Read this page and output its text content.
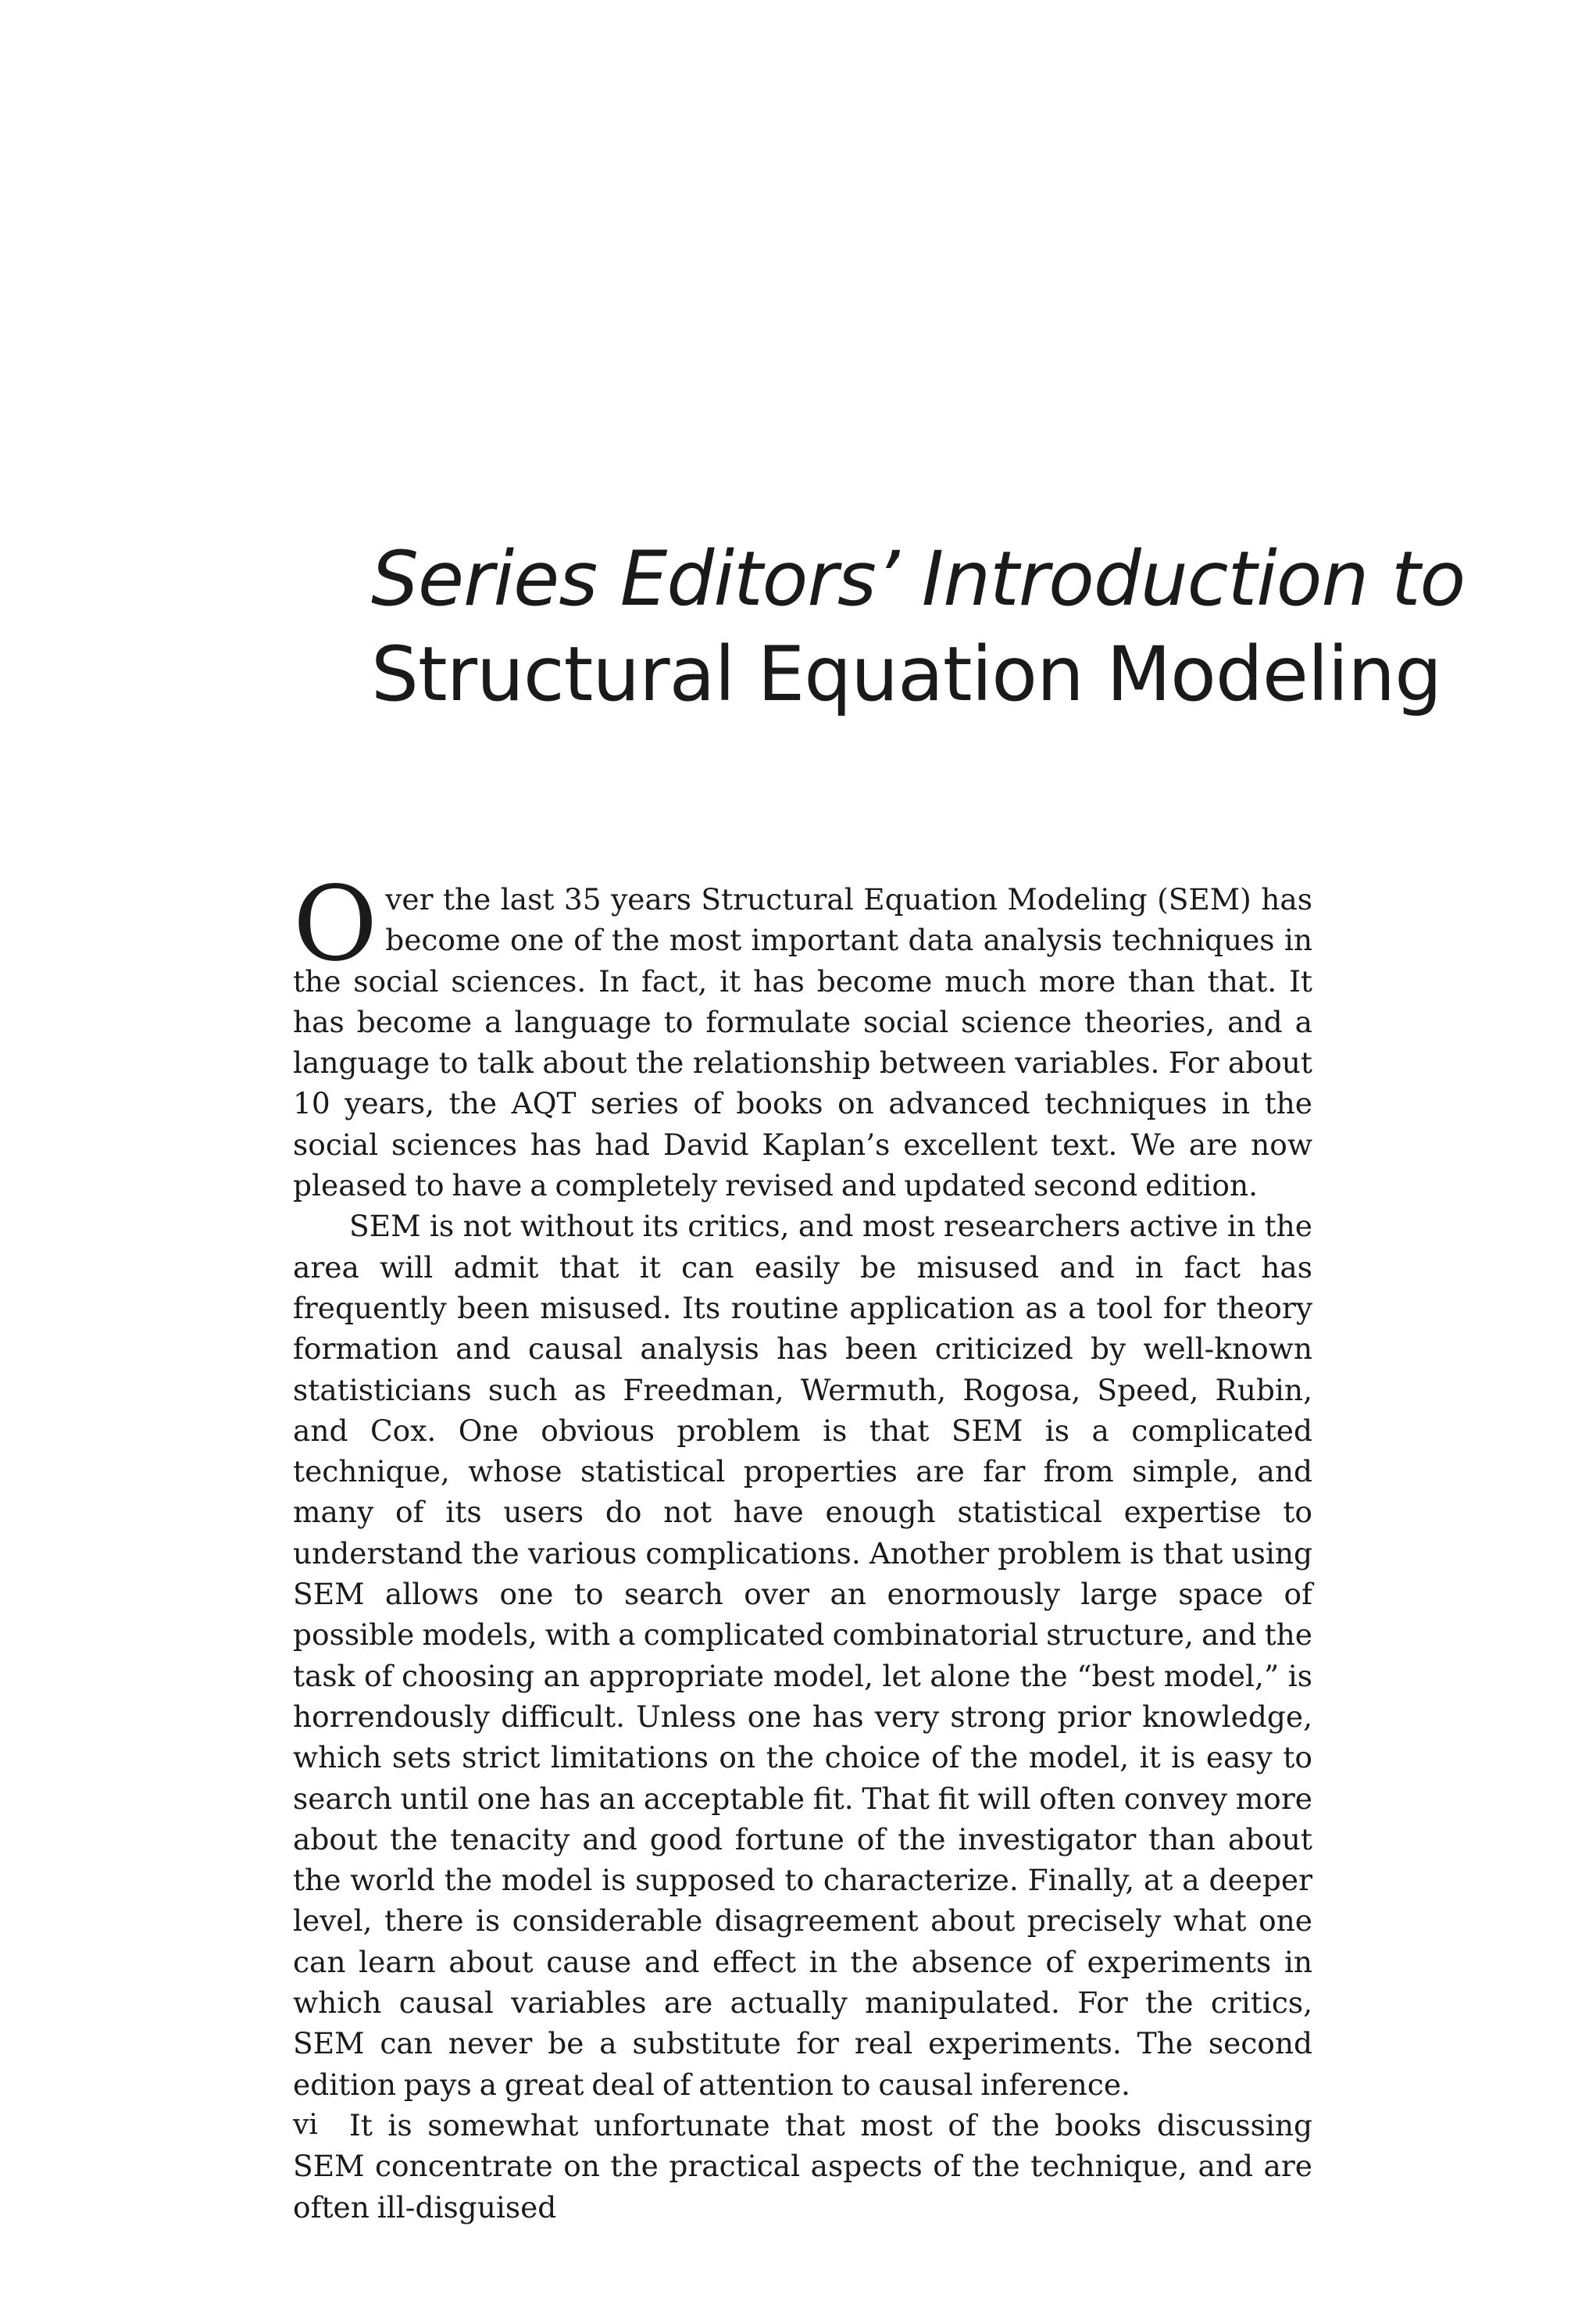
Series Editors’ Introduction to
Structural Equation Modeling

Over the last 35 years Structural Equation Modeling (SEM) has become one of the most important data analysis techniques in the social sciences. In fact, it has become much more than that. It has become a language to formulate social science theories, and a language to talk about the relationship between variables. For about 10 years, the AQT series of books on advanced techniques in the social sciences has had David Kaplan’s excellent text. We are now pleased to have a completely revised and updated second edition.

SEM is not without its critics, and most researchers active in the area will admit that it can easily be misused and in fact has frequently been misused. Its routine application as a tool for theory formation and causal analysis has been criticized by well-known statisticians such as Freedman, Wermuth, Rogosa, Speed, Rubin, and Cox. One obvious problem is that SEM is a complicated technique, whose statistical properties are far from simple, and many of its users do not have enough statistical expertise to understand the various complications. Another problem is that using SEM allows one to search over an enormously large space of possible models, with a complicated combinatorial structure, and the task of choosing an appropriate model, let alone the “best model,” is horrendously difficult. Unless one has very strong prior knowledge, which sets strict limitations on the choice of the model, it is easy to search until one has an acceptable fit. That fit will often convey more about the tenacity and good fortune of the investigator than about the world the model is supposed to characterize. Finally, at a deeper level, there is considerable disagreement about precisely what one can learn about cause and effect in the absence of experiments in which causal variables are actually manipulated. For the critics, SEM can never be a substitute for real experiments. The second edition pays a great deal of attention to causal inference.

It is somewhat unfortunate that most of the books discussing SEM concentrate on the practical aspects of the technique, and are often ill-disguised

vi
